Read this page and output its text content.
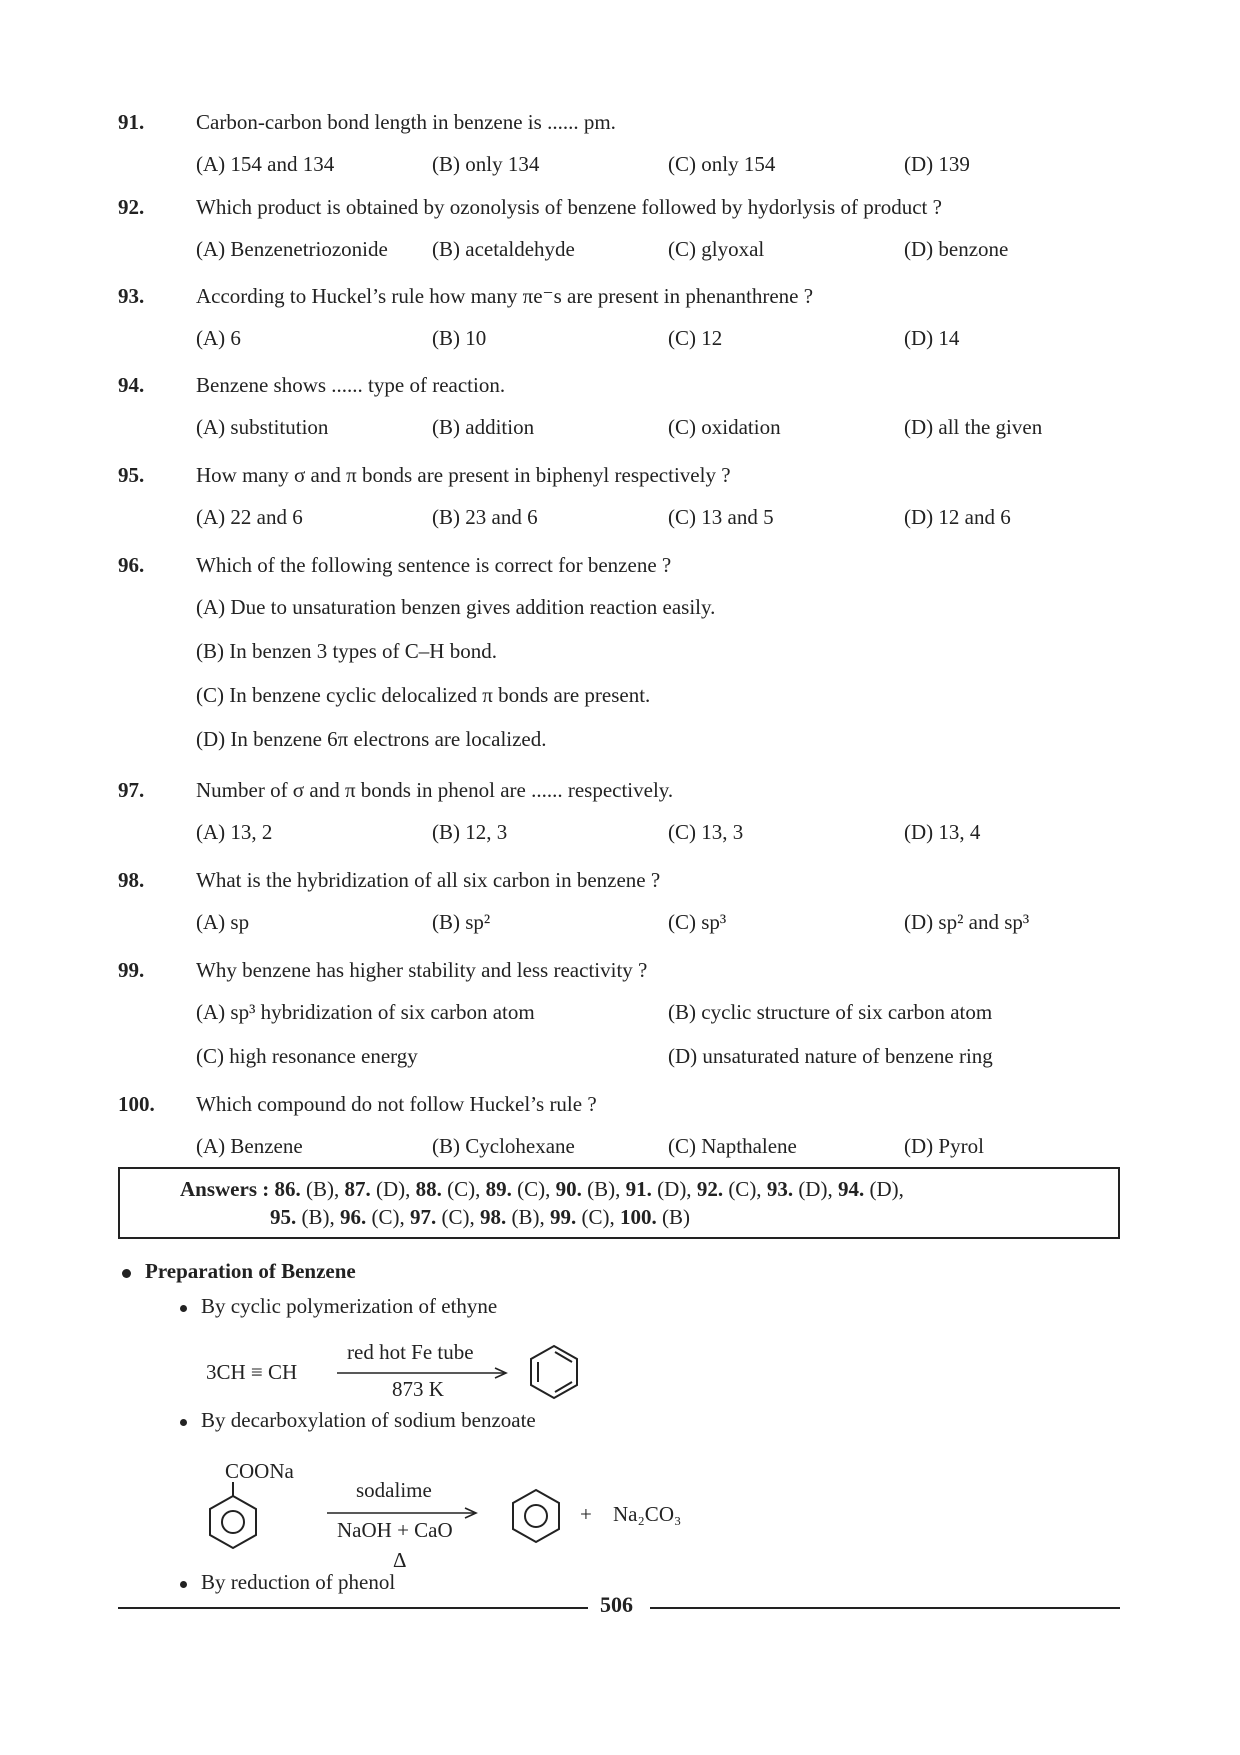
91. Carbon-carbon bond length in benzene is ...... pm.
(A) 154 and 134	(B) only 134	(C) only 154	(D) 139
92. Which product is obtained by ozonolysis of benzene followed by hydorlysis of product ?
(A) Benzenetriozonide (B) acetaldehyde	(C) glyoxal	(D) benzone
93. According to Huckel’s rule how many πe⁻s are present in phenanthrene ?
(A) 6	(B) 10	(C) 12	(D) 14
94. Benzene shows ...... type of reaction.
(A) substitution	(B) addition	(C) oxidation	(D) all the given
95. How many σ and π bonds are present in biphenyl respectively ?
(A) 22 and 6	(B) 23 and 6	(C) 13 and 5	(D) 12 and 6
96. Which of the following sentence is correct for benzene ?
(A) Due to unsaturation benzen gives addition reaction easily.
(B) In benzen 3 types of C–H bond.
(C) In benzene cyclic delocalized π bonds are present.
(D) In benzene 6π electrons are localized.
97. Number of σ and π bonds in phenol are ...... respectively.
(A) 13, 2	(B) 12, 3	(C) 13, 3	(D) 13, 4
98. What is the hybridization of all six carbon in benzene ?
(A) sp	(B) sp²	(C) sp³	(D) sp² and sp³
99. Why benzene has higher stability and less reactivity ?
(A) sp³ hybridization of six carbon atom	(B) cyclic structure of six carbon atom
(C) high resonance energy	(D) unsaturated nature of benzene ring
100. Which compound do not follow Huckel’s rule ?
(A) Benzene	(B) Cyclohexane	(C) Napthalene	(D) Pyrol
Answers : 86. (B), 87. (D), 88. (C), 89. (C), 90. (B), 91. (D), 92. (C), 93. (D), 94. (D),
95. (B), 96. (C), 97. (C), 98. (B), 99. (C), 100. (B)
Preparation of Benzene
By cyclic polymerization of ethyne
3CH ≡ CH
red hot Fe tube
873 K
By decarboxylation of sodium benzoate
COONa
sodalime
NaOH + CaO
Δ
+ Na₂CO₃
By reduction of phenol
506
